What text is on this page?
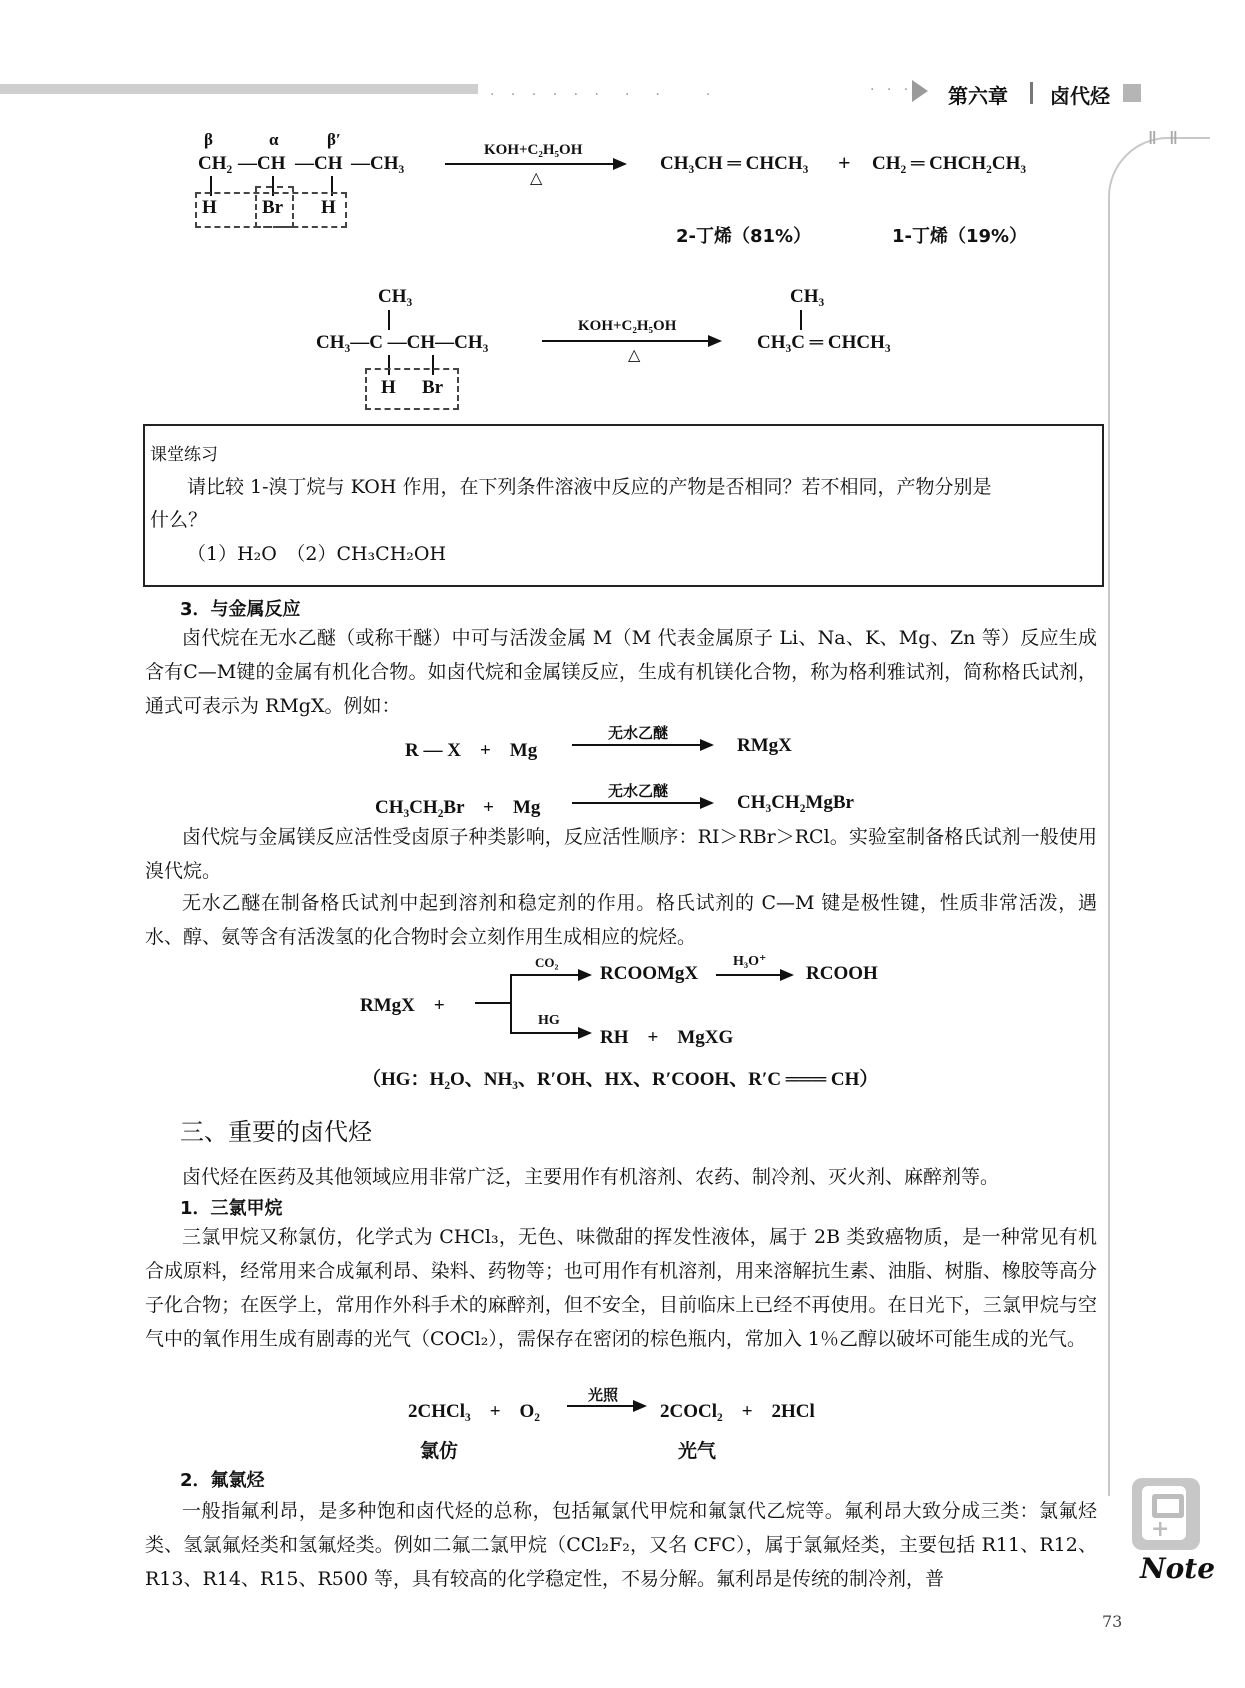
· · · · · ·　·　·　　·	· · · 第六章 卤代烃
ǁ ǁ
+
Note
β	α	β′
CH₂ —CH —CH —CH₃
H Br H
KOH+C₂H₅OH
△
CH₃CH ═ CHCH₃ + CH₂ ═ CHCH₂CH₃
2-丁烯（81%）	1-丁烯（19%）
CH₃
CH₃—C —CH—CH₃
H Br
KOH+C₂H₅OH
△
CH₃
CH₃C ═ CHCH₃
课堂练习
请比较 1-溴丁烷与 KOH 作用，在下列条件溶液中反应的产物是否相同？若不相同，产物分别是
什么？
（1）H₂O　（2）CH₃CH₂OH
3．与金属反应
卤代烷在无水乙醚（或称干醚）中可与活泼金属 M（M 代表金属原子 Li、Na、K、Mg、Zn 等）反应生成含有C—M键的金属有机化合物。如卤代烷和金属镁反应，生成有机镁化合物，称为格利雅试剂，简称格氏试剂，通式可表示为 RMgX。例如：
R — X　+　Mg
无水乙醚
RMgX
CH₃CH₂Br　+　Mg
无水乙醚
CH₃CH₂MgBr
卤代烷与金属镁反应活性受卤原子种类影响，反应活性顺序：RI＞RBr＞RCl。实验室制备格氏试剂一般使用溴代烷。
无水乙醚在制备格氏试剂中起到溶剂和稳定剂的作用。格氏试剂的 C—M 键是极性键，性质非常活泼，遇水、醇、氨等含有活泼氢的化合物时会立刻作用生成相应的烷烃。
RMgX　+
CO₂
RCOOMgX
H₃O⁺
RCOOH
HG
RH　+　MgXG
（HG：H₂O、NH₃、R′OH、HX、R′COOH、R′C ═══ CH）
三、重要的卤代烃
卤代烃在医药及其他领域应用非常广泛，主要用作有机溶剂、农药、制冷剂、灭火剂、麻醉剂等。
1．三氯甲烷
三氯甲烷又称氯仿，化学式为 CHCl₃，无色、味微甜的挥发性液体，属于 2B 类致癌物质，是一种常见有机合成原料，经常用来合成氟利昂、染料、药物等；也可用作有机溶剂，用来溶解抗生素、油脂、树脂、橡胶等高分子化合物；在医学上，常用作外科手术的麻醉剂，但不安全，目前临床上已经不再使用。在日光下，三氯甲烷与空气中的氧作用生成有剧毒的光气（COCl₂），需保存在密闭的棕色瓶内，常加入 1％乙醇以破坏可能生成的光气。
2CHCl₃　+　O₂
光照
2COCl₂　+　2HCl
氯仿	光气
2．氟氯烃
一般指氟利昂，是多种饱和卤代烃的总称，包括氟氯代甲烷和氟氯代乙烷等。氟利昂大致分成三类：氯氟烃类、氢氯氟烃类和氢氟烃类。例如二氟二氯甲烷（CCl₂F₂，又名 CFC），属于氯氟烃类，主要包括 R11、R12、R13、R14、R15、R500 等，具有较高的化学稳定性，不易分解。氟利昂是传统的制冷剂，普
73
